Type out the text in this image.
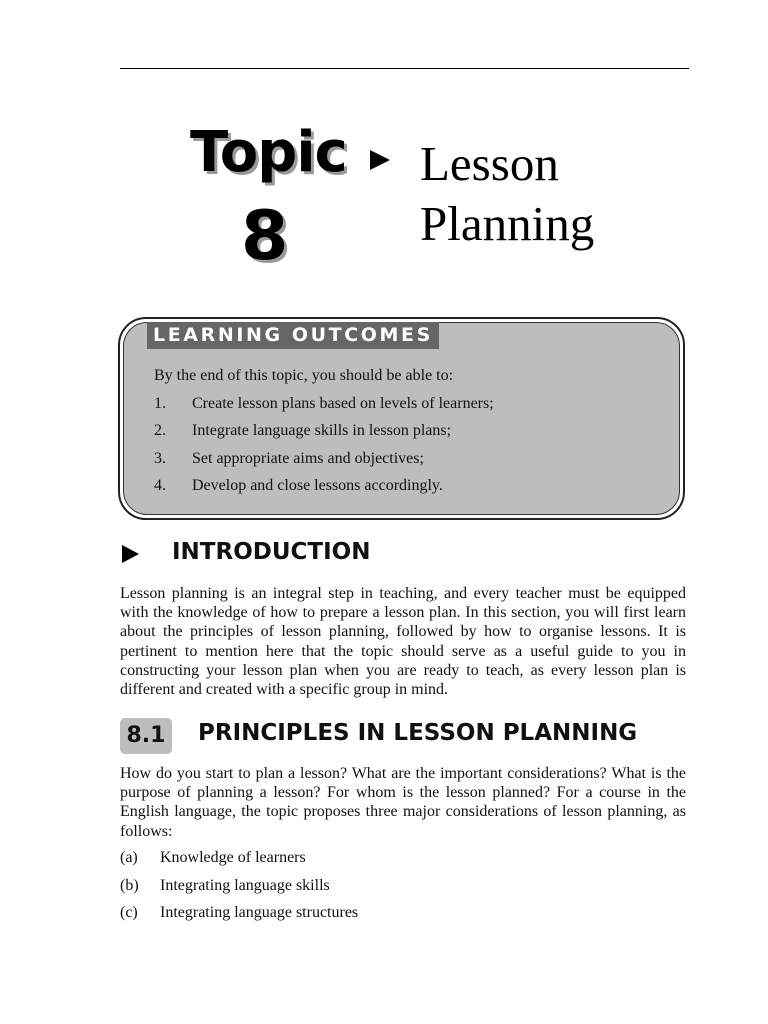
Topic
8
Lesson
Planning
LEARNING OUTCOMES
By the end of this topic, you should be able to:
1. Create lesson plans based on levels of learners;
2. Integrate language skills in lesson plans;
3. Set appropriate aims and objectives;
4. Develop and close lessons accordingly.
INTRODUCTION
Lesson planning is an integral step in teaching, and every teacher must be equipped with the knowledge of how to prepare a lesson plan. In this section, you will first learn about the principles of lesson planning, followed by how to organise lessons. It is pertinent to mention here that the topic should serve as a useful guide to you in constructing your lesson plan when you are ready to teach, as every lesson plan is different and created with a specific group in mind.
8.1 PRINCIPLES IN LESSON PLANNING
How do you start to plan a lesson? What are the important considerations? What is the purpose of planning a lesson? For whom is the lesson planned? For a course in the English language, the topic proposes three major considerations of lesson planning, as follows:
(a) Knowledge of learners
(b) Integrating language skills
(c) Integrating language structures
